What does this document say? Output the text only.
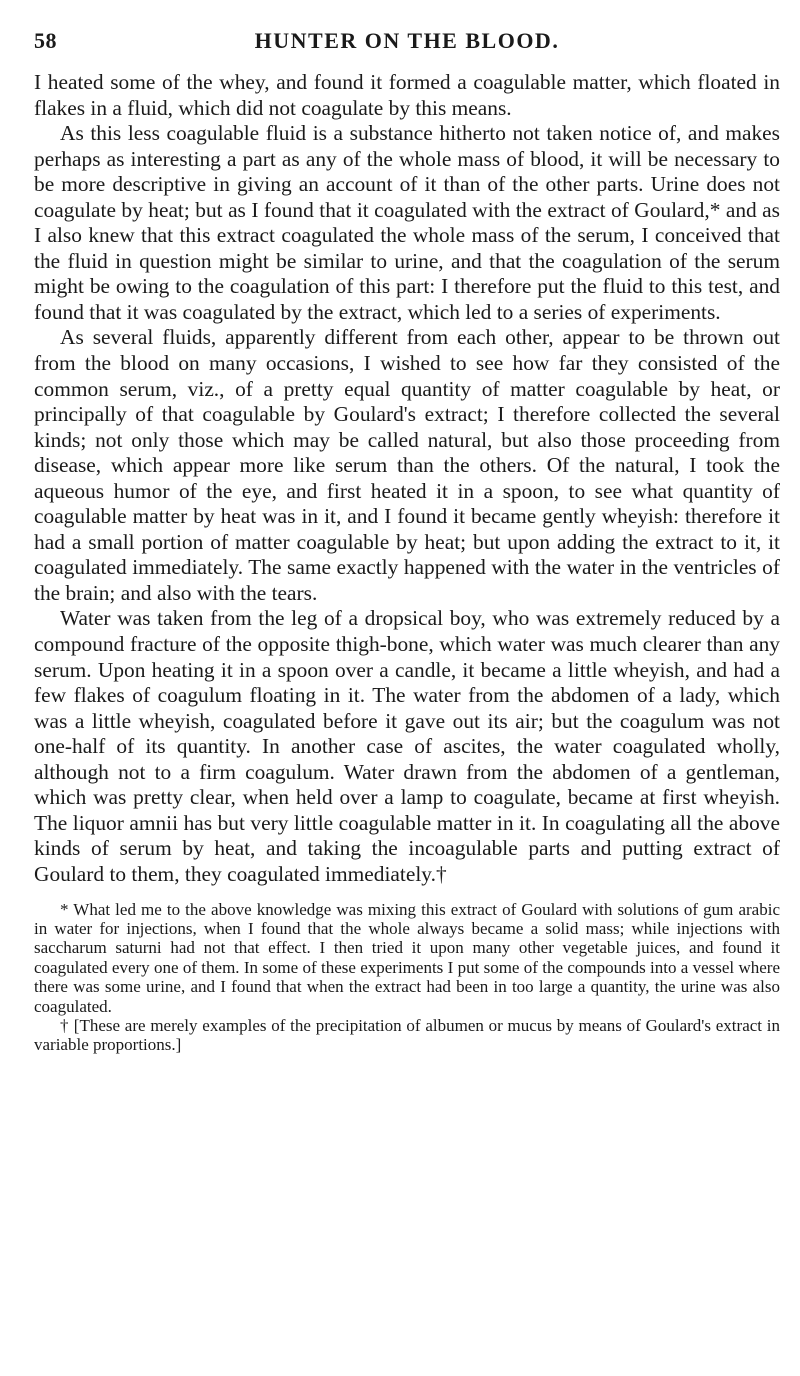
58	HUNTER ON THE BLOOD.

I heated some of the whey, and found it formed a coagulable matter, which floated in flakes in a fluid, which did not coagulate by this means.

As this less coagulable fluid is a substance hitherto not taken notice of, and makes perhaps as interesting a part as any of the whole mass of blood, it will be necessary to be more descriptive in giving an account of it than of the other parts. Urine does not coagulate by heat; but as I found that it coagulated with the extract of Goulard,* and as I also knew that this extract coagulated the whole mass of the serum, I conceived that the fluid in question might be similar to urine, and that the coagulation of the serum might be owing to the coagulation of this part: I therefore put the fluid to this test, and found that it was coagulated by the extract, which led to a series of experiments.

As several fluids, apparently different from each other, appear to be thrown out from the blood on many occasions, I wished to see how far they consisted of the common serum, viz., of a pretty equal quantity of matter coagulable by heat, or principally of that coagulable by Goulard's extract; I therefore collected the several kinds; not only those which may be called natural, but also those proceeding from disease, which appear more like serum than the others. Of the natural, I took the aqueous humor of the eye, and first heated it in a spoon, to see what quantity of coagulable matter by heat was in it, and I found it became gently wheyish: therefore it had a small portion of matter coagulable by heat; but upon adding the extract to it, it coagulated immediately. The same exactly happened with the water in the ventricles of the brain; and also with the tears.

Water was taken from the leg of a dropsical boy, who was extremely reduced by a compound fracture of the opposite thigh-bone, which water was much clearer than any serum. Upon heating it in a spoon over a candle, it became a little wheyish, and had a few flakes of coagulum floating in it. The water from the abdomen of a lady, which was a little wheyish, coagulated before it gave out its air; but the coagulum was not one-half of its quantity. In another case of ascites, the water coagulated wholly, although not to a firm coagulum. Water drawn from the abdomen of a gentleman, which was pretty clear, when held over a lamp to coagulate, became at first wheyish. The liquor amnii has but very little coagulable matter in it. In coagulating all the above kinds of serum by heat, and taking the incoagulable parts and putting extract of Goulard to them, they coagulated immediately.†

* What led me to the above knowledge was mixing this extract of Goulard with solutions of gum arabic in water for injections, when I found that the whole always became a solid mass; while injections with saccharum saturni had not that effect. I then tried it upon many other vegetable juices, and found it coagulated every one of them. In some of these experiments I put some of the compounds into a vessel where there was some urine, and I found that when the extract had been in too large a quantity, the urine was also coagulated.

† [These are merely examples of the precipitation of albumen or mucus by means of Goulard's extract in variable proportions.]
